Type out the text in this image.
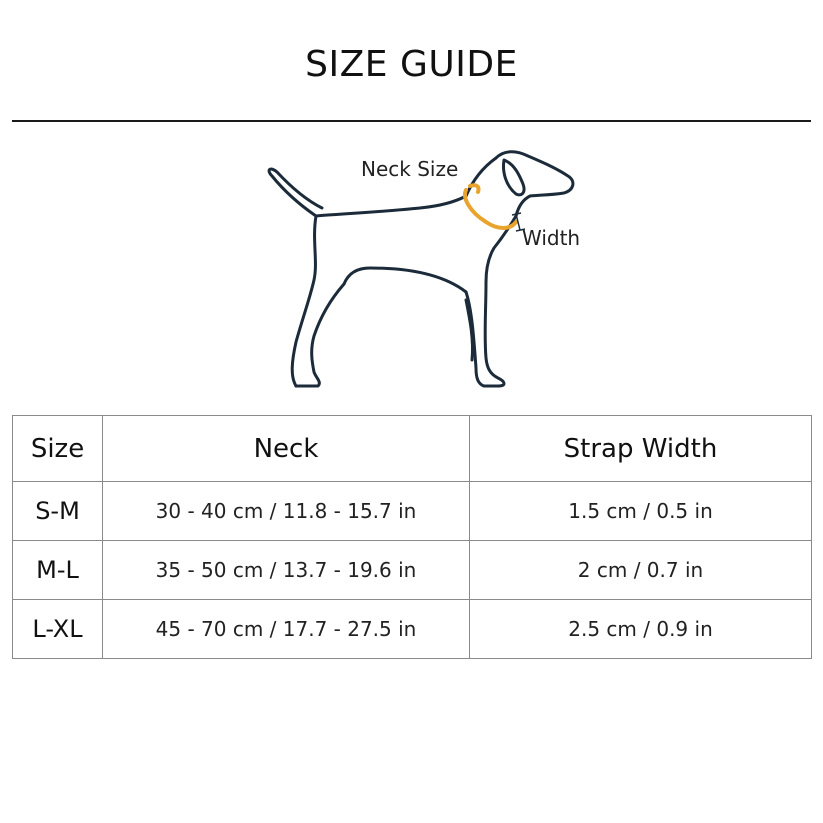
SIZE GUIDE
Neck Size
Width
Size	Neck	Strap Width
S-M	30 - 40 cm / 11.8 - 15.7 in	1.5 cm / 0.5 in
M-L	35 - 50 cm / 13.7 - 19.6 in	2 cm / 0.7 in
L-XL	45 - 70 cm / 17.7 - 27.5 in	2.5 cm / 0.9 in
